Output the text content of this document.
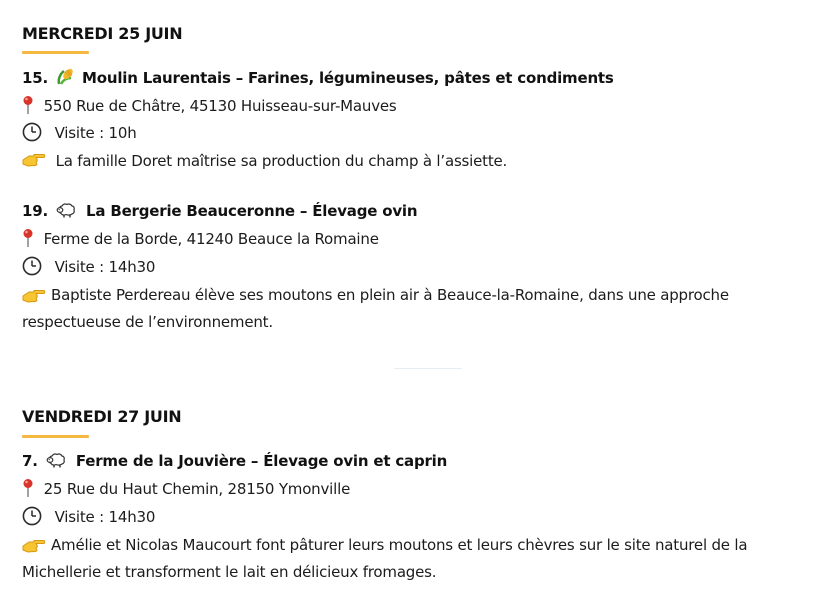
MERCREDI 25 JUIN
15. Moulin Laurentais – Farines, légumineuses, pâtes et condiments
550 Rue de Châtre, 45130 Huisseau-sur-Mauves
Visite : 10h
La famille Doret maîtrise sa production du champ à l’assiette.
19.	La Bergerie Beauceronne – Élevage ovin
Ferme de la Borde, 41240 Beauce la Romaine
Visite : 14h30
Baptiste Perdereau élève ses moutons en plein air à Beauce-la-Romaine, dans une approche respectueuse de l’environnement.
VENDREDI 27 JUIN
7.	Ferme de la Jouvière – Élevage ovin et caprin
25 Rue du Haut Chemin, 28150 Ymonville
Visite : 14h30
Amélie et Nicolas Maucourt font pâturer leurs moutons et leurs chèvres sur le site naturel de la Michellerie et transforment le lait en délicieux fromages.
